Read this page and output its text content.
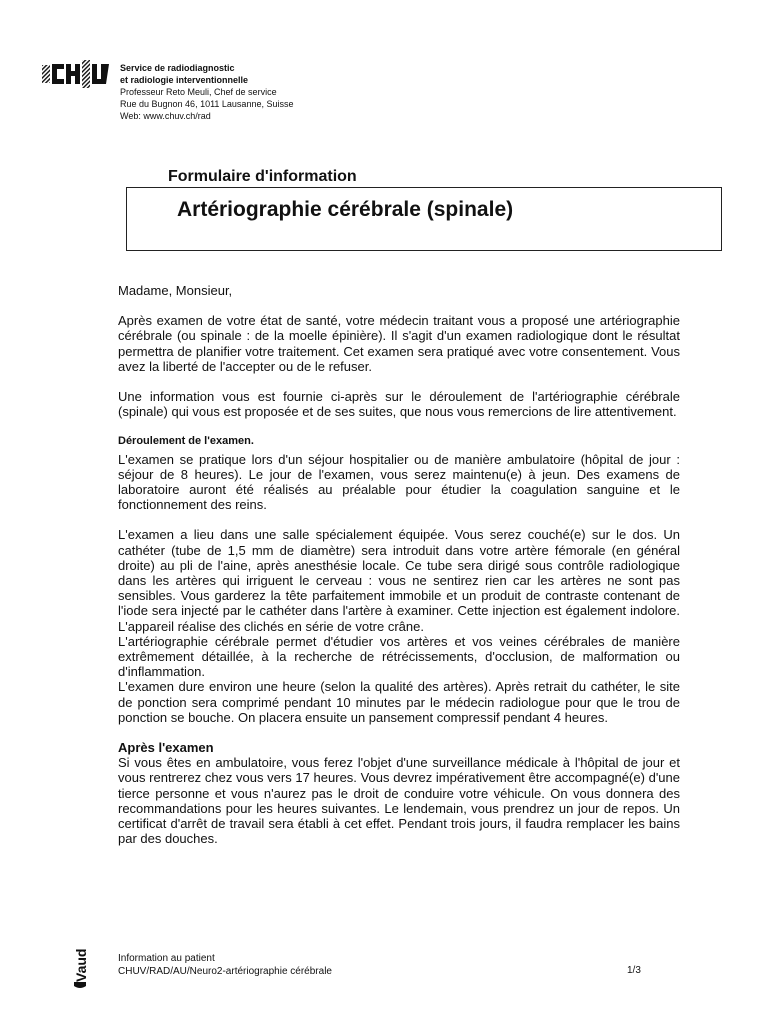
Service de radiodiagnostic
et radiologie interventionnelle
Professeur Reto Meuli, Chef de service
Rue du Bugnon 46, 1011 Lausanne, Suisse
Web: www.chuv.ch/rad
Formulaire d'information
Artériographie cérébrale (spinale)

Madame, Monsieur,

Après examen de votre état de santé, votre médecin traitant vous a proposé une artériographie cérébrale (ou spinale : de la moelle épinière). Il s'agit d'un examen radiologique dont le résultat permettra de planifier votre traitement. Cet examen sera pratiqué avec votre consentement. Vous avez la liberté de l'accepter ou de le refuser.

Une information vous est fournie ci-après sur le déroulement de l'artériographie cérébrale (spinale) qui vous est proposée et de ses suites, que nous vous remercions de lire attentivement.

Déroulement de l'examen.

L'examen se pratique lors d'un séjour hospitalier ou de manière ambulatoire (hôpital de jour : séjour de 8 heures). Le jour de l'examen, vous serez maintenu(e) à jeun. Des examens de laboratoire auront été réalisés au préalable pour étudier la coagulation sanguine et le fonctionnement des reins.

L'examen a lieu dans une salle spécialement équipée. Vous serez couché(e) sur le dos. Un cathéter (tube de 1,5 mm de diamètre) sera introduit dans votre artère fémorale (en général droite) au pli de l'aine, après anesthésie locale. Ce tube sera dirigé sous contrôle radiologique dans les artères qui irriguent le cerveau : vous ne sentirez rien car les artères ne sont pas sensibles. Vous garderez la tête parfaitement immobile et un produit de contraste contenant de l'iode sera injecté par le cathéter dans l'artère à examiner. Cette injection est également indolore. L'appareil réalise des clichés en série de votre crâne.

L'artériographie cérébrale permet d'étudier vos artères et vos veines cérébrales de manière extrêmement détaillée, à la recherche de rétrécissements, d'occlusion, de malformation ou d'inflammation.

L'examen dure environ une heure (selon la qualité des artères). Après retrait du cathéter, le site de ponction sera comprimé pendant 10 minutes par le médecin radiologue pour que le trou de ponction se bouche. On placera ensuite un pansement compressif pendant 4 heures.

Après l'examen

Si vous êtes en ambulatoire, vous ferez l'objet d'une surveillance médicale à l'hôpital de jour et vous rentrerez chez vous vers 17 heures. Vous devrez impérativement être accompagné(e) d'une tierce personne et vous n'aurez pas le droit de conduire votre véhicule. On vous donnera des recommandations pour les heures suivantes. Le lendemain, vous prendrez un jour de repos. Un certificat d'arrêt de travail sera établi à cet effet. Pendant trois jours, il faudra remplacer les bains par des douches.

Vaud	Information au patient
CHUV/RAD/AU/Neuro2-artériographie cérébrale	1/3
